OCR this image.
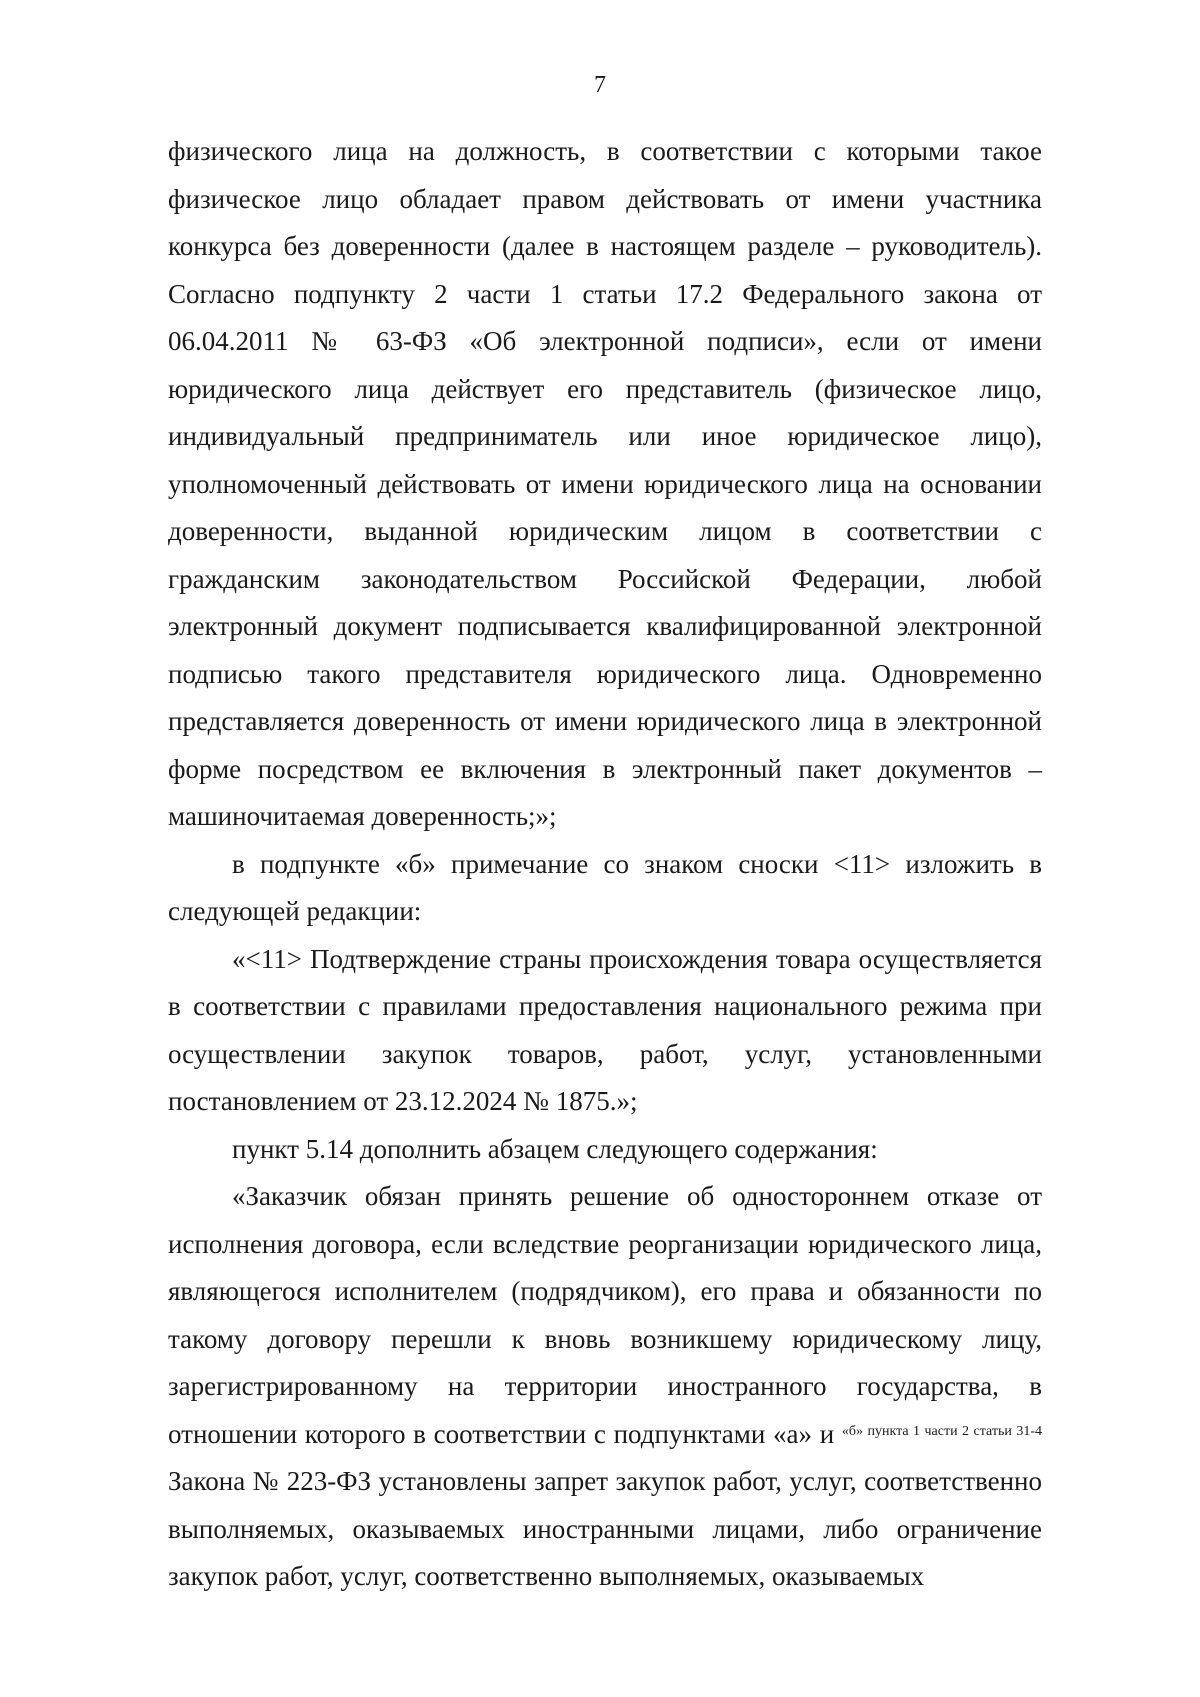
7

физического лица на должность, в соответствии с которыми такое физическое лицо обладает правом действовать от имени участника конкурса без доверенности (далее в настоящем разделе – руководитель). Согласно подпункту 2 части 1 статьи 17.2 Федерального закона от 06.04.2011 № 63-ФЗ «Об электронной подписи», если от имени юридического лица действует его представитель (физическое лицо, индивидуальный предприниматель или иное юридическое лицо), уполномоченный действовать от имени юридического лица на основании доверенности, выданной юридическим лицом в соответствии с гражданским законодательством Российской Федерации, любой электронный документ подписывается квалифицированной электронной подписью такого представителя юридического лица. Одновременно представляется доверенность от имени юридического лица в электронной форме посредством ее включения в электронный пакет документов – машиночитаемая доверенность;»;

в подпункте «б» примечание со знаком сноски <11> изложить в следующей редакции:

«<11> Подтверждение страны происхождения товара осуществляется в соответствии с правилами предоставления национального режима при осуществлении закупок товаров, работ, услуг, установленными постановлением от 23.12.2024 № 1875.»;

пункт 5.14 дополнить абзацем следующего содержания:

«Заказчик обязан принять решение об одностороннем отказе от исполнения договора, если вследствие реорганизации юридического лица, являющегося исполнителем (подрядчиком), его права и обязанности по такому договору перешли к вновь возникшему юридическому лицу, зарегистрированному на территории иностранного государства, в отношении которого в соответствии с подпунктами «а» и $^{«б» пункта 1 части 2 статьи 31-4}$ Закона № 223-ФЗ установлены запрет закупок работ, услуг, соответственно выполняемых, оказываемых иностранными лицами, либо ограничение закупок работ, услуг, соответственно выполняемых, оказываемых
